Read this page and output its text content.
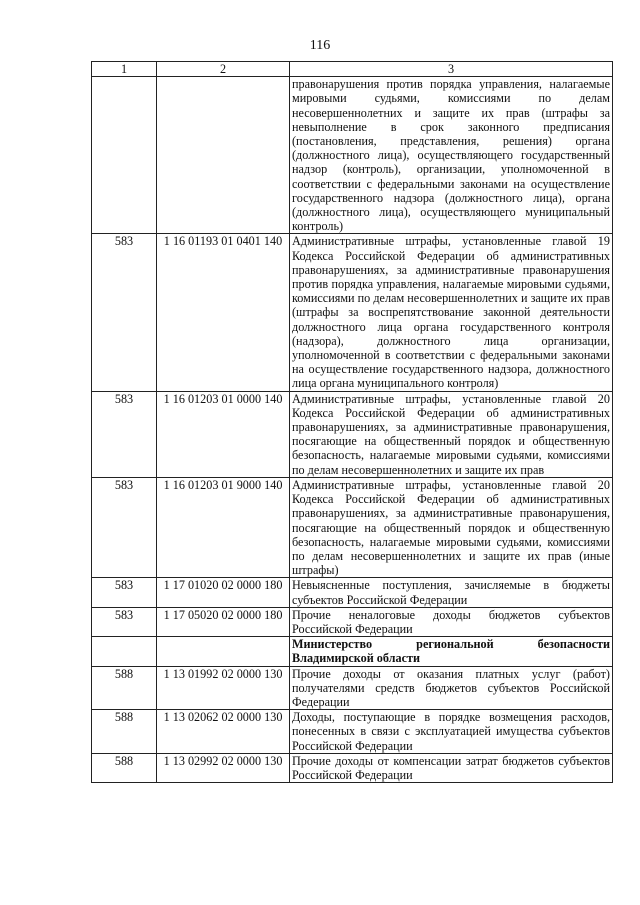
116
1	2	3
		правонарушения против порядка управления, налагаемые мировыми судьями, комиссиями по делам несовершеннолетних и защите их прав (штрафы за невыполнение в срок законного предписания (постановления, представления, решения) органа (должностного лица), осуществляющего государственный надзор (контроль), организации, уполномоченной в соответствии с федеральными законами на осуществление государственного надзора (должностного лица), органа (должностного лица), осуществляющего муниципальный контроль)
583	1 16 01193 01 0401 140	Административные штрафы, установленные главой 19 Кодекса Российской Федерации об административных правонарушениях, за административные правонарушения против порядка управления, налагаемые мировыми судьями, комиссиями по делам несовершеннолетних и защите их прав (штрафы за воспрепятствование законной деятельности должностного лица органа государственного контроля (надзора), должностного лица организации, уполномоченной в соответствии с федеральными законами на осуществление государственного надзора, должностного лица органа муниципального контроля)
583	1 16 01203 01 0000 140	Административные штрафы, установленные главой 20 Кодекса Российской Федерации об административных правонарушениях, за административные правонарушения, посягающие на общественный порядок и общественную безопасность, налагаемые мировыми судьями, комиссиями по делам несовершеннолетних и защите их прав
583	1 16 01203 01 9000 140	Административные штрафы, установленные главой 20 Кодекса Российской Федерации об административных правонарушениях, за административные правонарушения, посягающие на общественный порядок и общественную безопасность, налагаемые мировыми судьями, комиссиями по делам несовершеннолетних и защите их прав (иные штрафы)
583	1 17 01020 02 0000 180	Невыясненные поступления, зачисляемые в бюджеты субъектов Российской Федерации
583	1 17 05020 02 0000 180	Прочие неналоговые доходы бюджетов субъектов Российской Федерации
		Министерство региональной безопасности Владимирской области
588	1 13 01992 02 0000 130	Прочие доходы от оказания платных услуг (работ) получателями средств бюджетов субъектов Российской Федерации
588	1 13 02062 02 0000 130	Доходы, поступающие в порядке возмещения расходов, понесенных в связи с эксплуатацией имущества субъектов Российской Федерации
588	1 13 02992 02 0000 130	Прочие доходы от компенсации затрат бюджетов субъектов Российской Федерации
